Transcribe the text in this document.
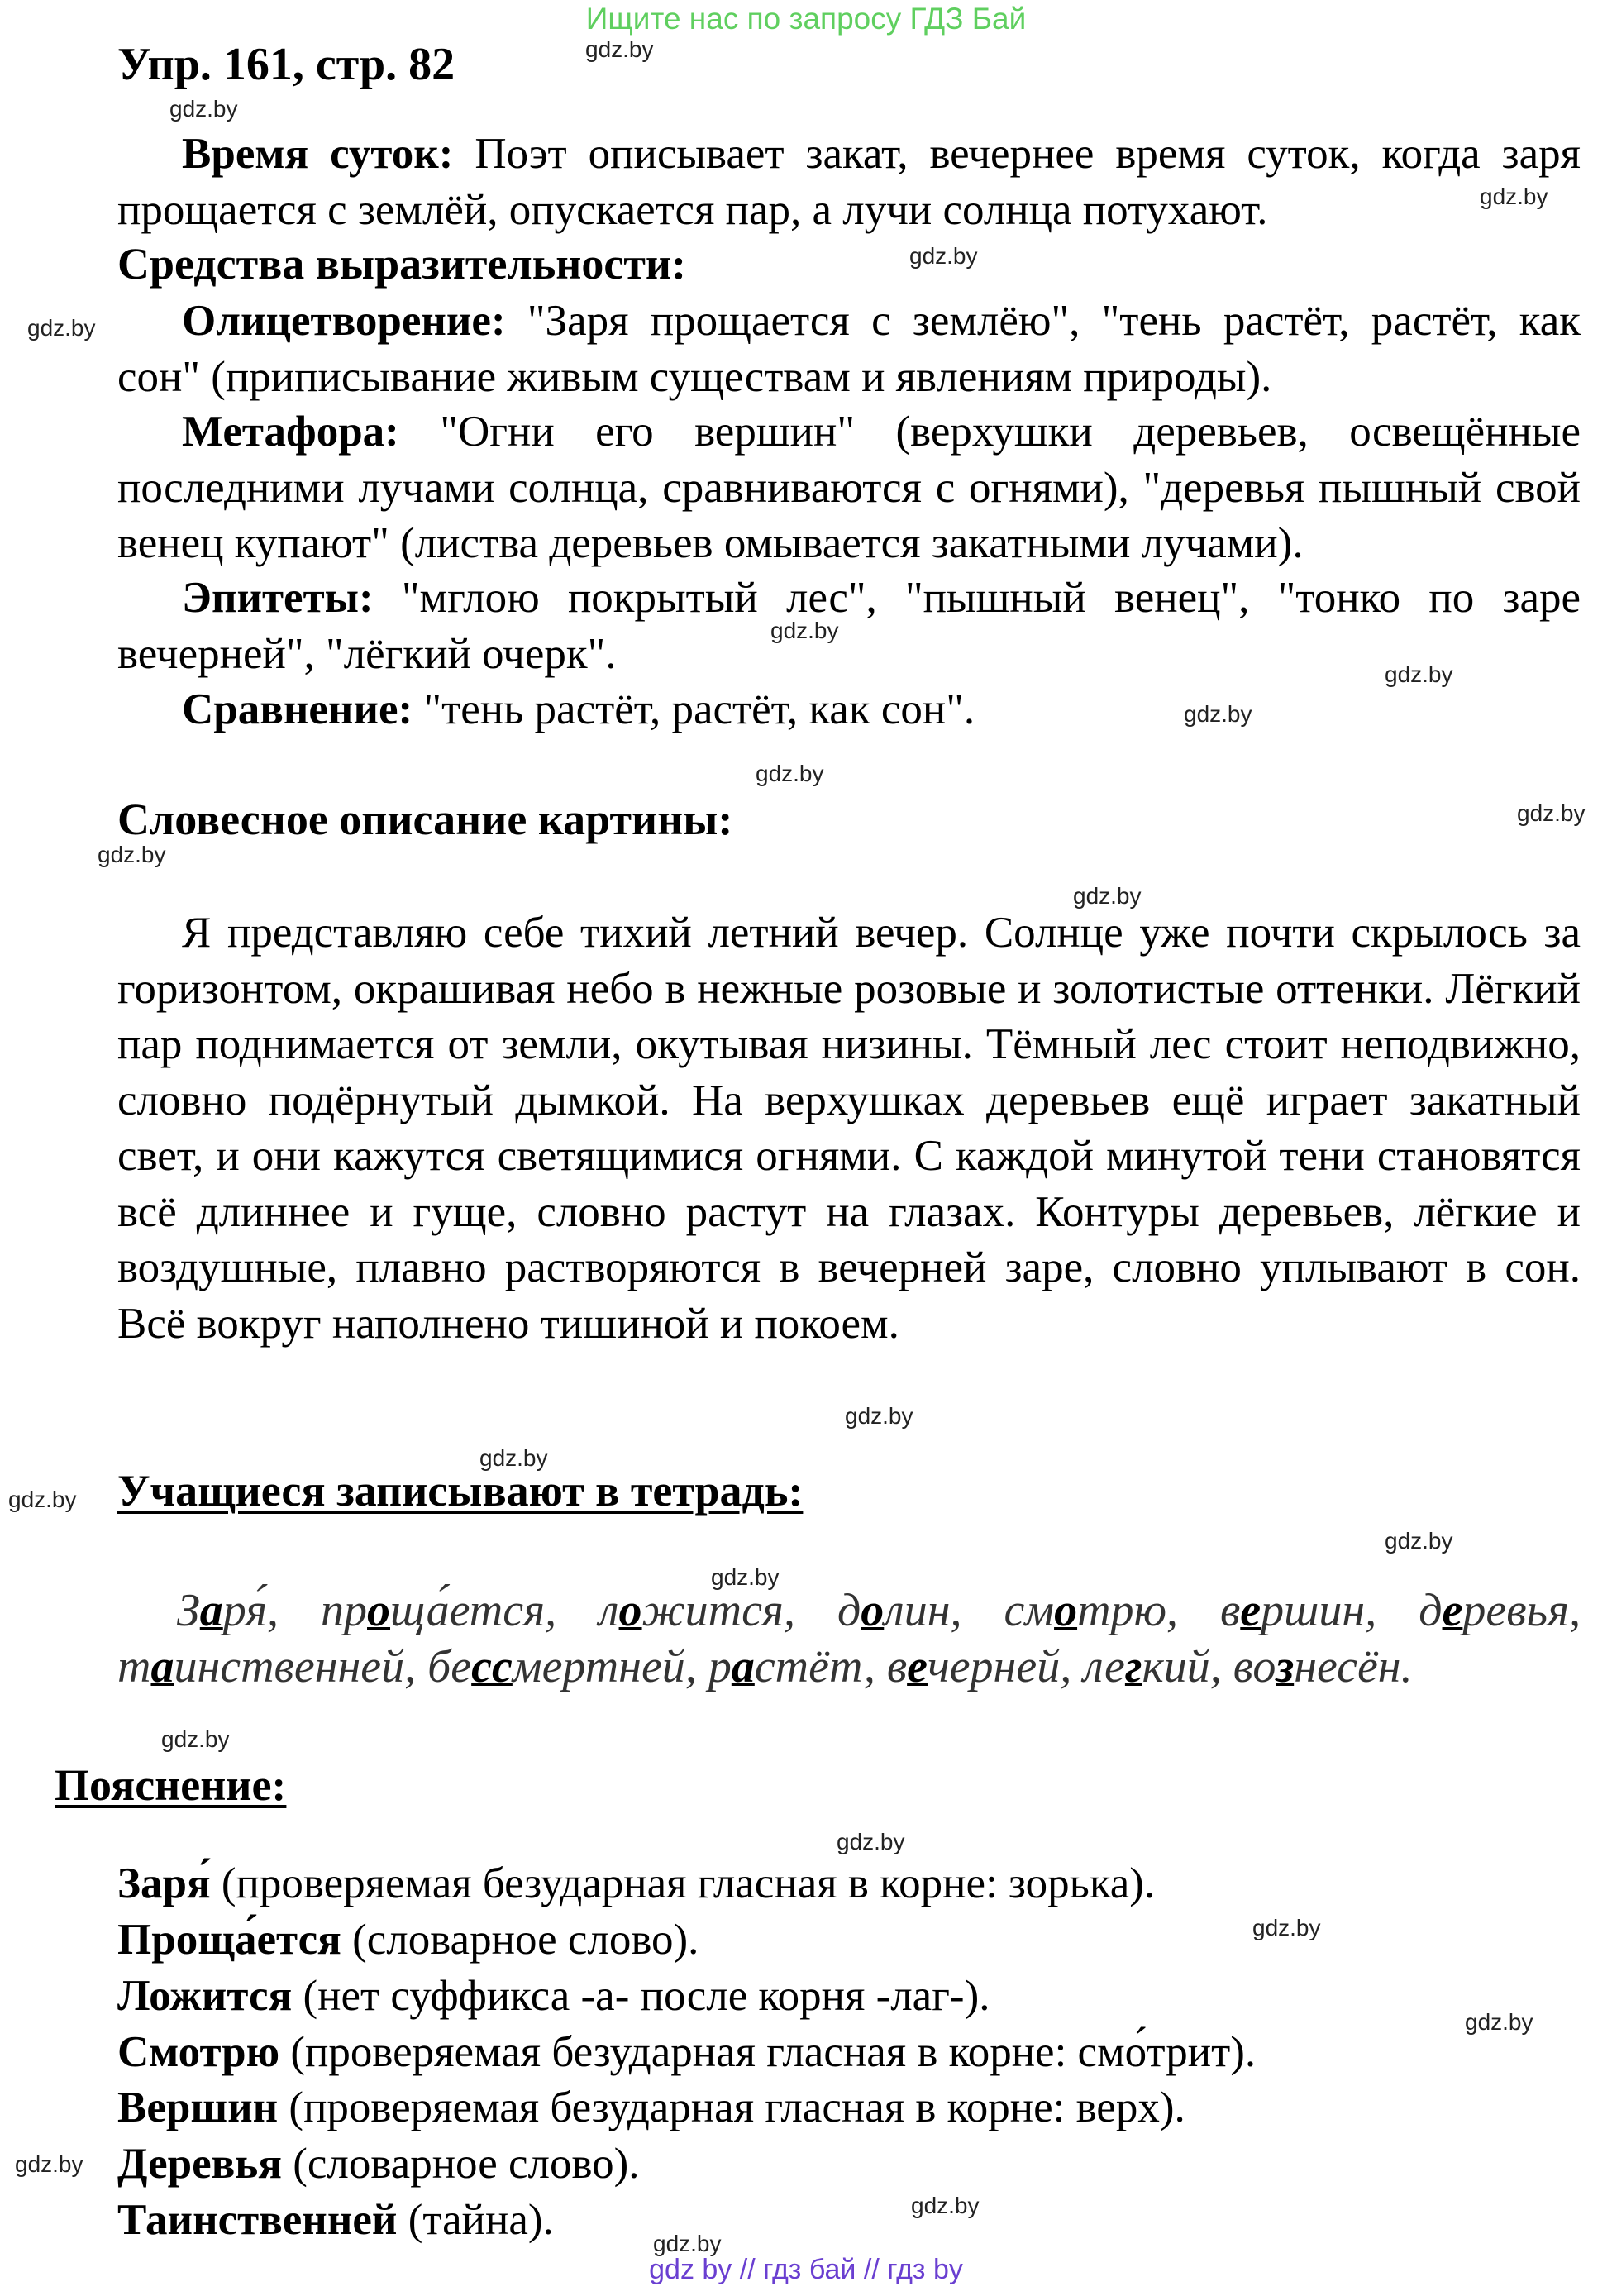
Ищите нас по запросу ГДЗ Бай
Упр. 161, стр. 82

Время суток: Поэт описывает закат, вечернее время суток, когда заря прощается с землёй, опускается пар, а лучи солнца потухают.

Средства выразительности:

Олицетворение: "Заря прощается с землёю", "тень растёт, растёт, как сон" (приписывание живым существам и явлениям природы).

Метафора: "Огни его вершин" (верхушки деревьев, освещённые последними лучами солнца, сравниваются с огнями), "деревья пышный свой венец купают" (листва деревьев омывается закатными лучами).

Эпитеты: "мглою покрытый лес", "пышный венец", "тонко по заре вечерней", "лёгкий очерк".

Сравнение: "тень растёт, растёт, как сон".

Словесное описание картины:

Я представляю себе тихий летний вечер. Солнце уже почти скрылось за горизонтом, окрашивая небо в нежные розовые и золотистые оттенки. Лёгкий пар поднимается от земли, окутывая низины. Тёмный лес стоит неподвижно, словно подёрнутый дымкой. На верхушках деревьев ещё играет закатный свет, и они кажутся светящимися огнями. С каждой минутой тени становятся всё длиннее и гуще, словно растут на глазах. Контуры деревьев, лёгкие и воздушные, плавно растворяются в вечерней заре, словно уплывают в сон. Всё вокруг наполнено тишиной и покоем.

Учащиеся записывают в тетрадь:

Заря́, проща́ется, ложится, долин, смотрю, вершин, деревья, таинственней, бессмертней, растёт, вечерней, легкий, вознесён.

Пояснение:
Заря́ (проверяемая безударная гласная в корне: зорька).
Проща́ется (словарное слово).
Ложится (нет суффикса -а- после корня -лаг-).
Смотрю (проверяемая безударная гласная в корне: смо́трит).
Вершин (проверяемая безударная гласная в корне: верх).
Деревья (словарное слово).
Таинственней (тайна).
gdz.by
gdz.by
gdz.by
gdz.by
gdz.by
gdz.by
gdz.by
gdz.by
gdz.by
gdz.by
gdz.by
gdz.by
gdz.by
gdz.by
gdz.by
gdz.by
gdz.by
gdz.by
gdz.by
gdz.by
gdz.by
gdz.by
gdz.by
gdz.by
gdz by // гдз бай // гдз by
